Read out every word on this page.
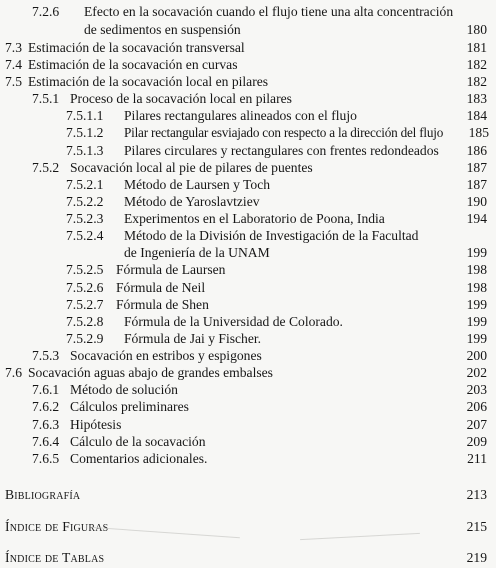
7.2.6 Efecto en la socavación cuando el flujo tiene una alta concentración
de sedimentos en suspensión	180
7.3 Estimación de la socavación transversal	181
7.4 Estimación de la socavación en curvas	182
7.5 Estimación de la socavación local en pilares	182
7.5.1 Proceso de la socavación local en pilares	183
7.5.1.1 Pilares rectangulares alineados con el flujo	184
7.5.1.2 Pilar rectangular esviajado con respecto a la dirección del flujo 185
7.5.1.3 Pilares circulares y rectangulares con frentes redondeados 186
7.5.2 Socavación local al pie de pilares de puentes	187
7.5.2.1 Método de Laursen y Toch	187
7.5.2.2 Método de Yaroslavtziev	190
7.5.2.3 Experimentos en el Laboratorio de Poona, India	194
7.5.2.4 Método de la División de Investigación de la Facultad
de Ingeniería de la UNAM	199
7.5.2.5 Fórmula de Laursen	198
7.5.2.6 Fórmula de Neil	198
7.5.2.7 Fórmula de Shen	199
7.5.2.8 Fórmula de la Universidad de Colorado.	199
7.5.2.9 Fórmula de Jai y Fischer.	199
7.5.3 Socavación en estribos y espigones	200
7.6 Socavación aguas abajo de grandes embalses	202
7.6.1 Método de solución	203
7.6.2 Cálculos preliminares	206
7.6.3 Hipótesis	207
7.6.4 Cálculo de la socavación	209
7.6.5 Comentarios adicionales.	211
Bibliografía	213
Índice de Figuras	215
Índice de Tablas	219
